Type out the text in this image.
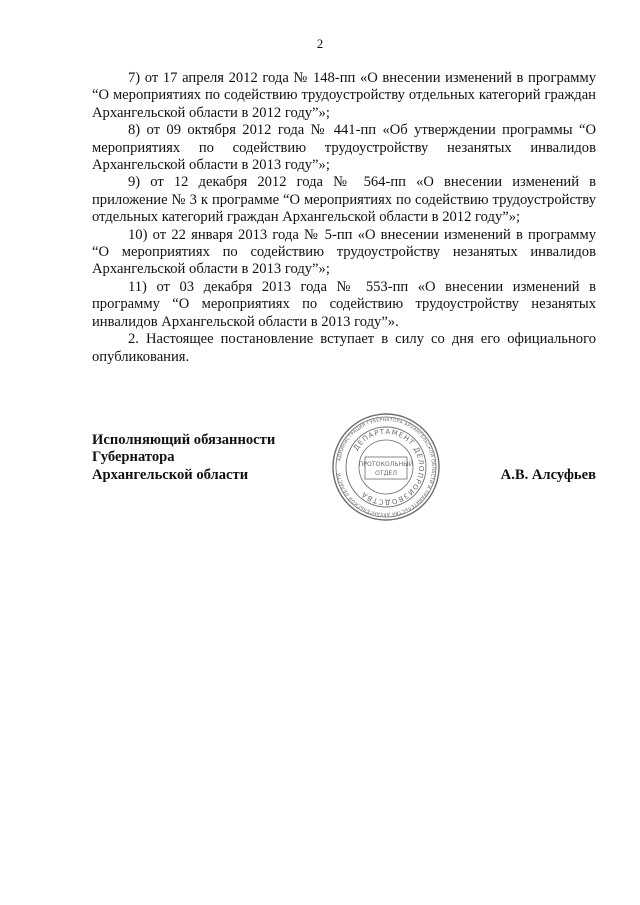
2

7) от 17 апреля 2012 года № 148-пп «О внесении изменений в программу “О мероприятиях по содействию трудоустройству отдельных категорий граждан Архангельской области в 2012 году”»;

8) от 09 октября 2012 года № 441-пп «Об утверждении программы “О мероприятиях по содействию трудоустройству незанятых инвалидов Архангельской области в 2013 году”»;

9) от 12 декабря 2012 года № 564-пп «О внесении изменений в приложение № 3 к программе “О мероприятиях по содействию трудоустройству отдельных категорий граждан Архангельской области в 2012 году”»;

10) от 22 января 2013 года № 5-пп «О внесении изменений в программу “О мероприятиях по содействию трудоустройству незанятых инвалидов Архангельской области в 2013 году”»;

11) от 03 декабря 2013 года № 553-пп «О внесении изменений в программу “О мероприятиях по содействию трудоустройству незанятых инвалидов Архангельской области в 2013 году”».

2. Настоящее постановление вступает в силу со дня его официального опубликования.

Исполняющий обязанности
Губернатора
Архангельской области	А.В. Алсуфьев
АДМИНИСТРАЦИЯ ГУБЕРНАТОРА АРХАНГЕЛЬСКОЙ ОБЛАСТИ И ПРАВИТЕЛЬСТВА АРХАНГЕЛЬСКОЙ ОБЛАСТИ
ДЕПАРТАМЕНТ ДЕЛОПРОИЗВОДСТВА
ПРОТОКОЛЬНЫЙ
ОТДЕЛ
